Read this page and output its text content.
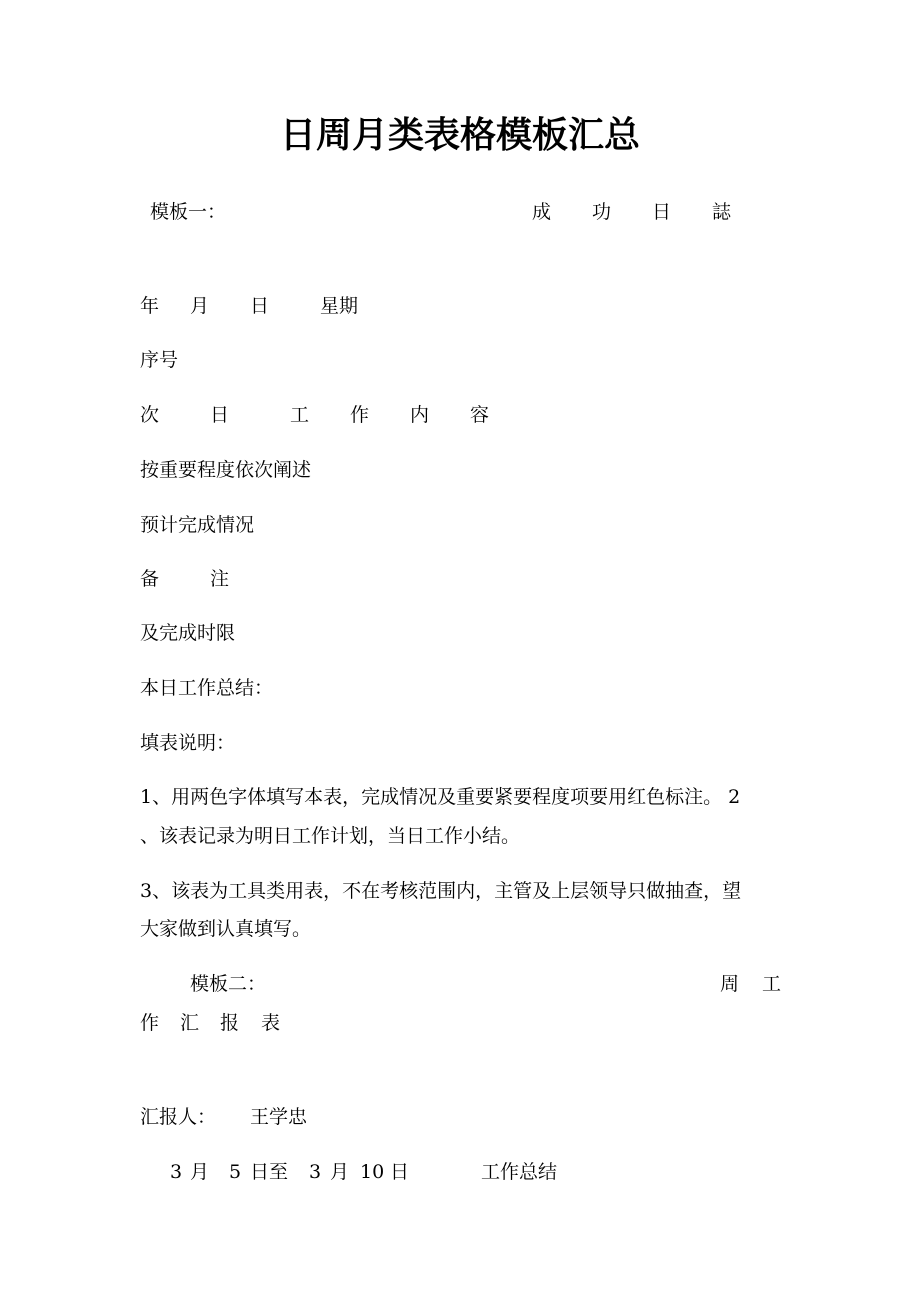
日周月类表格模板汇总
模板一：	成 功 日 誌
年 月 日	星期
序号
次	日	工 作 内 容
按重要程度依次阐述
预计完成情况
备	注
及完成时限
本日工作总结：
填表说明：
1、用两色字体填写本表，完成情况及重要紧要程度项要用红色标注。 2
、该表记录为明日工作计划，当日工作小结。
3、该表为工具类用表，不在考核范围内，主管及上层领导只做抽查，望
大家做到认真填写。
模板二：	周 工
作 汇 报 表
汇报人： 王学忠
3 月 5 日至 3 月 10 日	工作总结
